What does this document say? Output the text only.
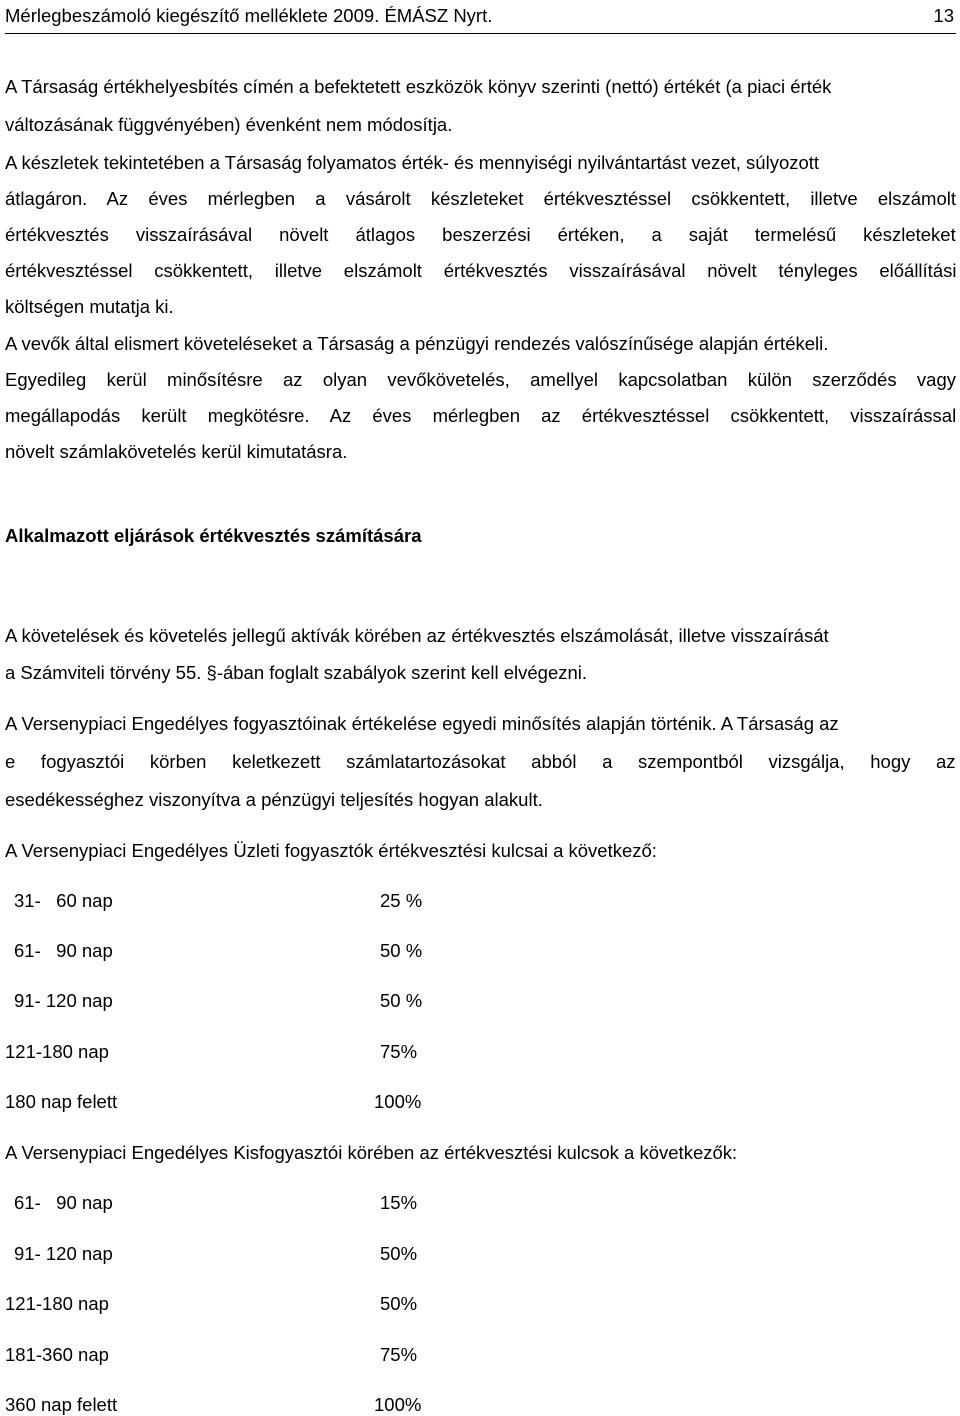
Mérlegbeszámoló kiegészítő melléklete 2009. ÉMÁSZ Nyrt.	13
A Társaság értékhelyesbítés címén a befektetett eszközök könyv szerinti (nettó) értékét (a piaci érték
változásának függvényében) évenként nem módosítja.
A készletek tekintetében a Társaság folyamatos érték- és mennyiségi nyilvántartást vezet, súlyozott
átlagáron. Az éves mérlegben a vásárolt készleteket értékvesztéssel csökkentett, illetve elszámolt
értékvesztés visszaírásával növelt átlagos beszerzési értéken, a saját termelésű készleteket
értékvesztéssel csökkentett, illetve elszámolt értékvesztés visszaírásával növelt tényleges előállítási
költségen mutatja ki.
A vevők által elismert követeléseket a Társaság a pénzügyi rendezés valószínűsége alapján értékeli.
Egyedileg kerül minősítésre az olyan vevőkövetelés, amellyel kapcsolatban külön szerződés vagy
megállapodás került megkötésre. Az éves mérlegben az értékvesztéssel csökkentett, visszaírással
növelt számlakövetelés kerül kimutatásra.
Alkalmazott eljárások értékvesztés számítására
A követelések és követelés jellegű aktívák körében az értékvesztés elszámolását, illetve visszaírását
a Számviteli törvény 55. §-ában foglalt szabályok szerint kell elvégezni.
A Versenypiaci Engedélyes fogyasztóinak értékelése egyedi minősítés alapján történik. A Társaság az
e fogyasztói körben keletkezett számlatartozásokat abból a szempontból vizsgálja, hogy az
esedékességhez viszonyítva a pénzügyi teljesítés hogyan alakult.
A Versenypiaci Engedélyes Üzleti fogyasztók értékvesztési kulcsai a következő:
31-   60 nap	25 %
61-   90 nap	50 %
91- 120 nap	50 %
121-180 nap	75%
180 nap felett	100%
A Versenypiaci Engedélyes Kisfogyasztói körében az értékvesztési kulcsok a következők:
61-   90 nap	15%
91- 120 nap	50%
121-180 nap	50%
181-360 nap	75%
360 nap felett	100%
